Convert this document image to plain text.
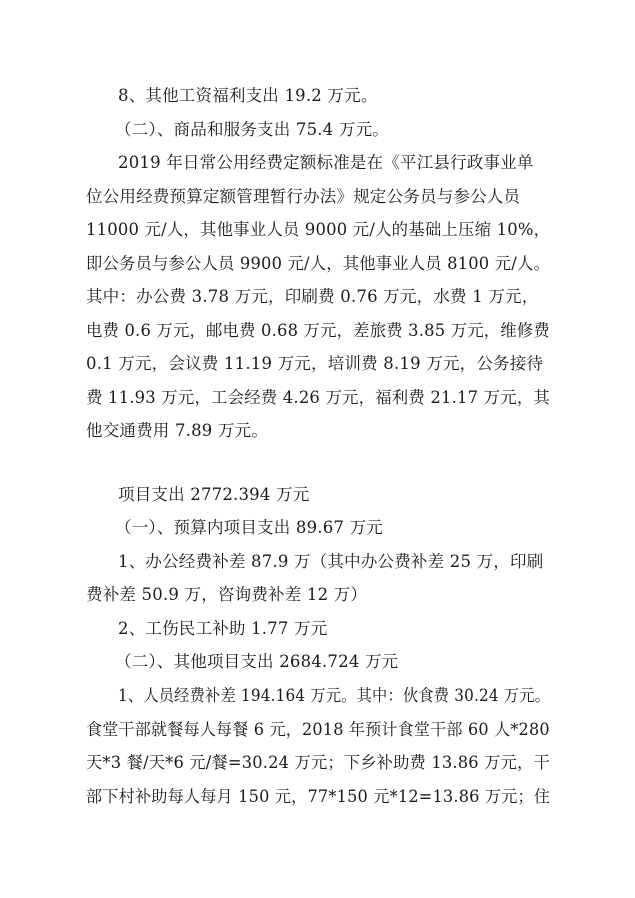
8、其他工资福利支出 19.2 万元。
（二）、商品和服务支出 75.4 万元。
2019 年日常公用经费定额标准是在《平江县行政事业单
位公用经费预算定额管理暂行办法》规定公务员与参公人员
11000 元/人，其他事业人员 9000 元/人的基础上压缩 10%，
即公务员与参公人员 9900 元/人，其他事业人员 8100 元/人。
其中：办公费 3.78 万元，印刷费 0.76 万元，水费 1 万元，
电费 0.6 万元，邮电费 0.68 万元，差旅费 3.85 万元，维修费
0.1 万元，会议费 11.19 万元，培训费 8.19 万元，公务接待
费 11.93 万元，工会经费 4.26 万元，福利费 21.17 万元，其
他交通费用 7.89 万元。
项目支出 2772.394 万元
（一）、预算内项目支出 89.67 万元
1、办公经费补差 87.9 万（其中办公费补差 25 万，印刷
费补差 50.9 万，咨询费补差 12 万）
2、工伤民工补助 1.77 万元
（二）、其他项目支出 2684.724 万元
1、人员经费补差 194.164 万元。其中：伙食费 30.24 万元。
食堂干部就餐每人每餐 6 元，2018 年预计食堂干部 60 人*280
天*3 餐/天*6 元/餐=30.24 万元；下乡补助费 13.86 万元，干
部下村补助每人每月 150 元，77*150 元*12=13.86 万元；住
